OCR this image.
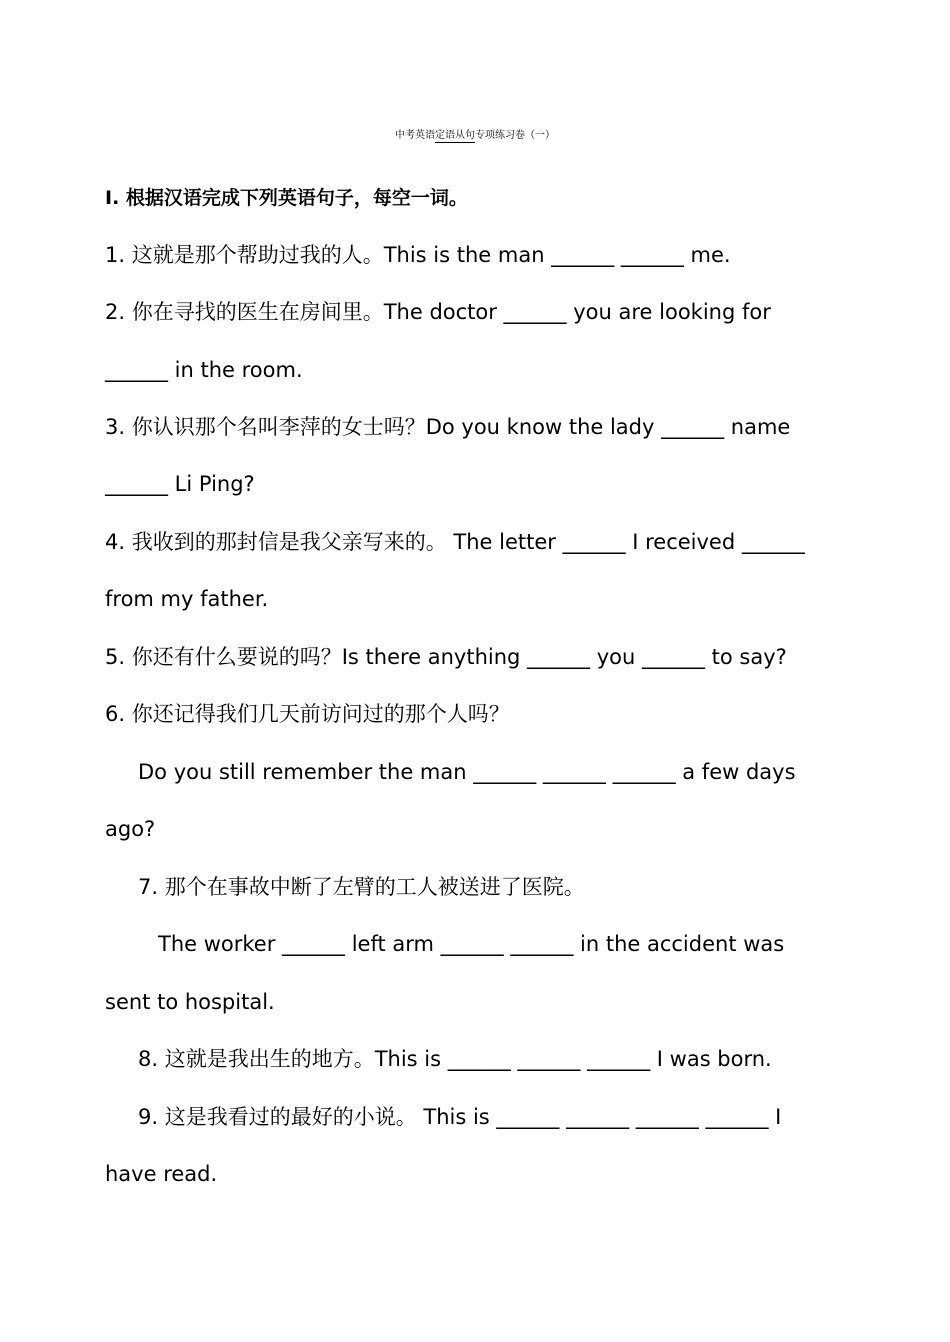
中考英语定语从句专项练习卷（一）
Ⅰ. 根据汉语完成下列英语句子，每空一词。
1. 这就是那个帮助过我的人。This is the man ______ ______ me.
2. 你在寻找的医生在房间里。The doctor ______ you are looking for
______ in the room.
3. 你认识那个名叫李萍的女士吗？Do you know the lady ______ name
______ Li Ping?
4. 我收到的那封信是我父亲写来的。 The letter ______ I received ______
from my father.
5. 你还有什么要说的吗？Is there anything ______ you ______ to say?
6. 你还记得我们几天前访问过的那个人吗？
Do you still remember the man ______ ______ ______ a few days
ago?
7. 那个在事故中断了左臂的工人被送进了医院。
The worker ______ left arm ______ ______ in the accident was
sent to hospital.
8. 这就是我出生的地方。This is ______ ______ ______ I was born.
9. 这是我看过的最好的小说。 This is ______ ______ ______ ______ I
have read.
